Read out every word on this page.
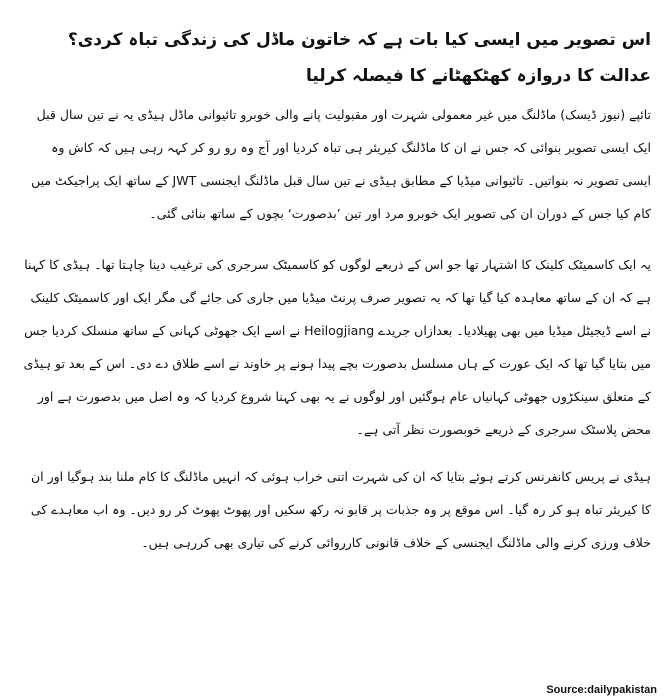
اس تصویر میں ایسی کیا بات ہے کہ خاتون ماڈل کی زندگی تباہ کردی؟ عدالت کا دروازہ کھٹکھٹانے کا فیصلہ کرلیا

تائپے (نیوز ڈیسک) ماڈلنگ میں غیر معمولی شہرت اور مقبولیت پانے والی خوبرو تائیوانی ماڈل ہیڈی یہ نے تین سال قبل ایک ایسی تصویر بنوائی کہ جس نے ان کا ماڈلنگ کیریئر ہی تباہ کردیا اور آج وہ رو رو کر کہہ رہی ہیں کہ کاش وہ ایسی تصویر نہ بنواتیں۔ تائیوانی میڈیا کے مطابق ہیڈی نے تین سال قبل ماڈلنگ ایجنسی JWT کے ساتھ ایک پراجیکٹ میں کام کیا جس کے دوران ان کی تصویر ایک خوبرو مرد اور تین ’بدصورت‘ بچوں کے ساتھ بنائی گئی۔

یہ ایک کاسمیٹک کلینک کا اشتہار تھا جو اس کے ذریعے لوگوں کو کاسمیٹک سرجری کی ترغیب دینا چاہتا تھا۔ ہیڈی کا کہنا ہے کہ ان کے ساتھ معاہدہ کیا گیا تھا کہ یہ تصویر صرف پرنٹ میڈیا میں جاری کی جائے گی مگر ایک اور کاسمیٹک کلینک نے اسے ڈیجیٹل میڈیا میں بھی پھیلادیا۔ بعدازاں جریدے Heilogjiang نے اسے ایک جھوٹی کہانی کے ساتھ منسلک کردیا جس میں بتایا گیا تھا کہ ایک عورت کے ہاں مسلسل بدصورت بچے پیدا ہونے پر خاوند نے اسے طلاق دے دی۔ اس کے بعد تو ہیڈی کے متعلق سینکڑوں جھوٹی کہانیاں عام ہوگئیں اور لوگوں نے یہ بھی کہنا شروع کردیا کہ وہ اصل میں بدصورت ہے اور محض پلاسٹک سرجری کے ذریعے خوبصورت نظر آتی ہے۔

ہیڈی نے پریس کانفرنس کرتے ہوئے بتایا کہ ان کی شہرت اتنی خراب ہوئی کہ انہیں ماڈلنگ کا کام ملنا بند ہوگیا اور ان کا کیریئر تباہ ہو کر رہ گیا۔ اس موقع پر وہ جذبات پر قابو نہ رکھ سکیں اور پھوٹ پھوٹ کر رو دیں۔ وہ اب معاہدے کی خلاف ورزی کرنے والی ماڈلنگ ایجنسی کے خلاف قانونی کارروائی کرنے کی تیاری بھی کررہی ہیں۔

Source:dailypakistan
